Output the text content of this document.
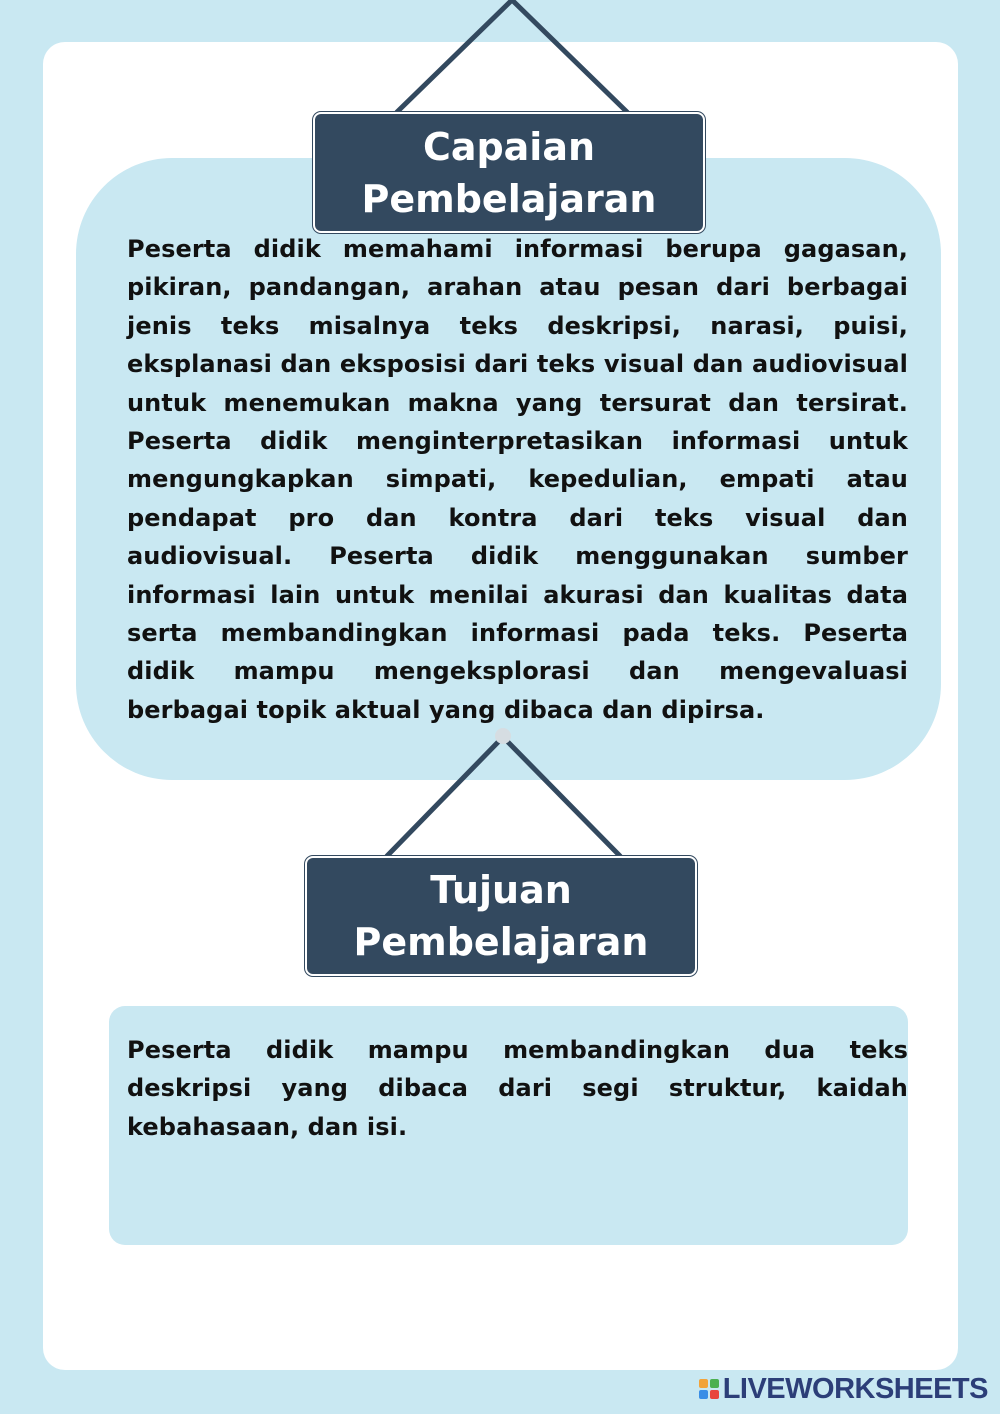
Capaian
Pembelajaran

Peserta didik memahami informasi berupa gagasan, pikiran, pandangan, arahan atau pesan dari berbagai jenis teks misalnya teks deskripsi, narasi, puisi, eksplanasi dan eksposisi dari teks visual dan audiovisual untuk menemukan makna yang tersurat dan tersirat. Peserta didik menginterpretasikan informasi untuk mengungkapkan simpati, kepedulian, empati atau pendapat pro dan kontra dari teks visual dan audiovisual. Peserta didik menggunakan sumber informasi lain untuk menilai akurasi dan kualitas data serta membandingkan informasi pada teks. Peserta didik mampu mengeksplorasi dan mengevaluasi berbagai topik aktual yang dibaca dan dipirsa.

Tujuan
Pembelajaran

Peserta didik mampu membandingkan dua teks deskripsi yang dibaca dari segi struktur, kaidah kebahasaan, dan isi.

LIVEWORKSHEETS
